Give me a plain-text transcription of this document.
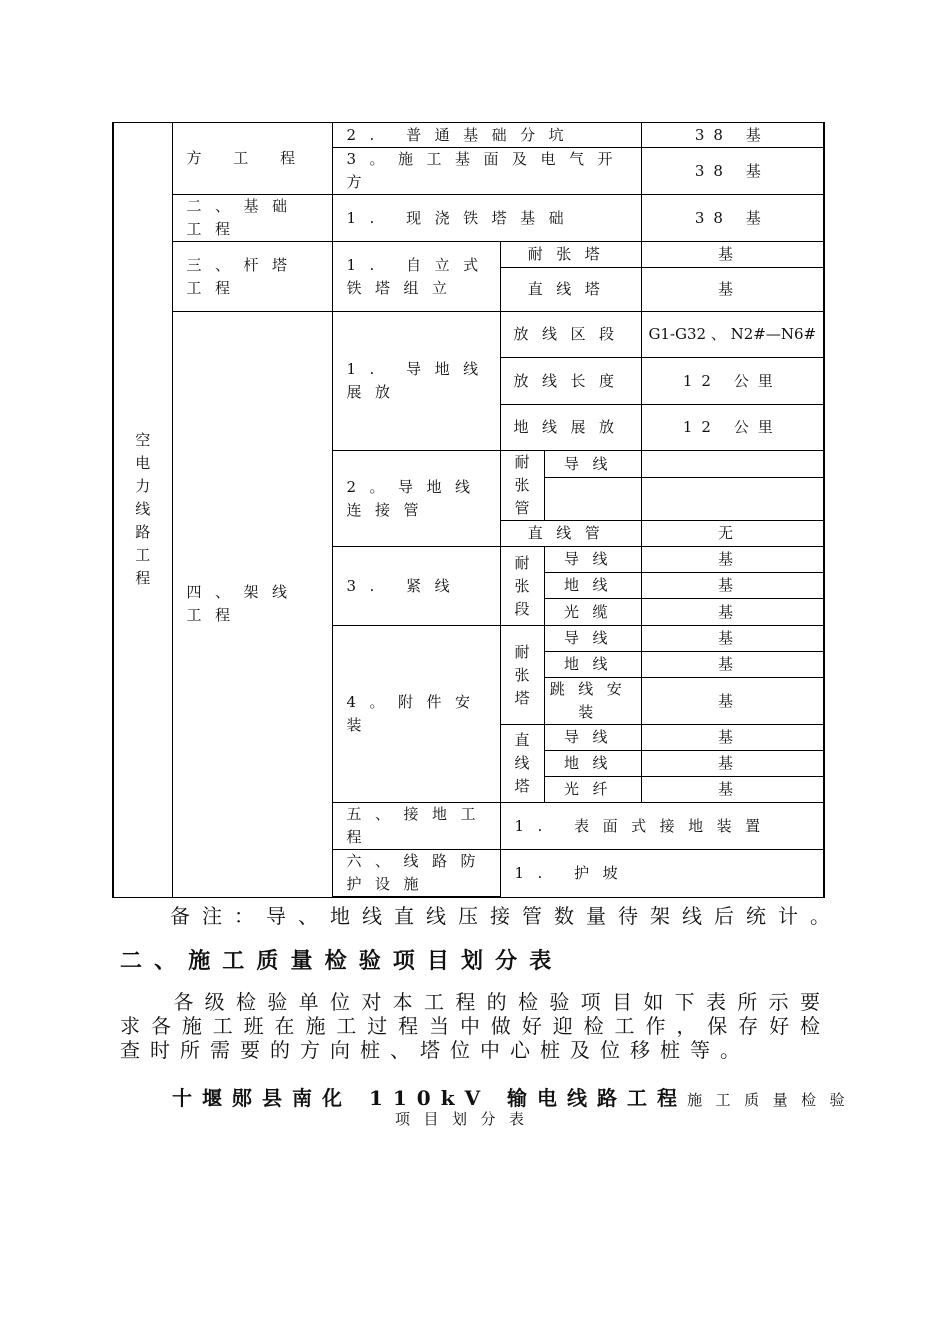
空电力线路工程	方 工 程	2. 普通基础分坑			38 基	
		3。施工基面及电气开方			38 基	
	二、基础工程	1. 现浇铁塔基础			38 基	
	三、杆塔工程	1. 自立式铁塔组立	耐张塔		基	
			直线塔		基	
	四、架线工程	1. 导地线展放	放线区段		G1-G32 、 N2#—N6#	
			放线长度		12 公里	
			地线展放		12 公里	
		2。导地线连接管	耐张管	导线		

			直线管		无	
		3. 紧线	耐张段	导线	基	
				地线	基	
				光缆	基	
		4。附件安装	耐张塔	导线	基	
				地线	基	
				跳线安装	基	
			直线塔	导线	基	
				地线	基	
				光纤	基	
		五、接地工程	1. 表面式接地装置	
		六、线路防护设施	1. 护坡			
备注：导、地线直线压接管数量待架线后统计。
二、施工质量检验项目划分表
各级检验单位对本工程的检验项目如下表所示要求各施工班在施工过程当中做好迎检工作，保存好检查时所需要的方向桩、塔位中心桩及位移桩等。
十堰郧县南化 110kV 输电线路工程施工质量检验
项目划分表
